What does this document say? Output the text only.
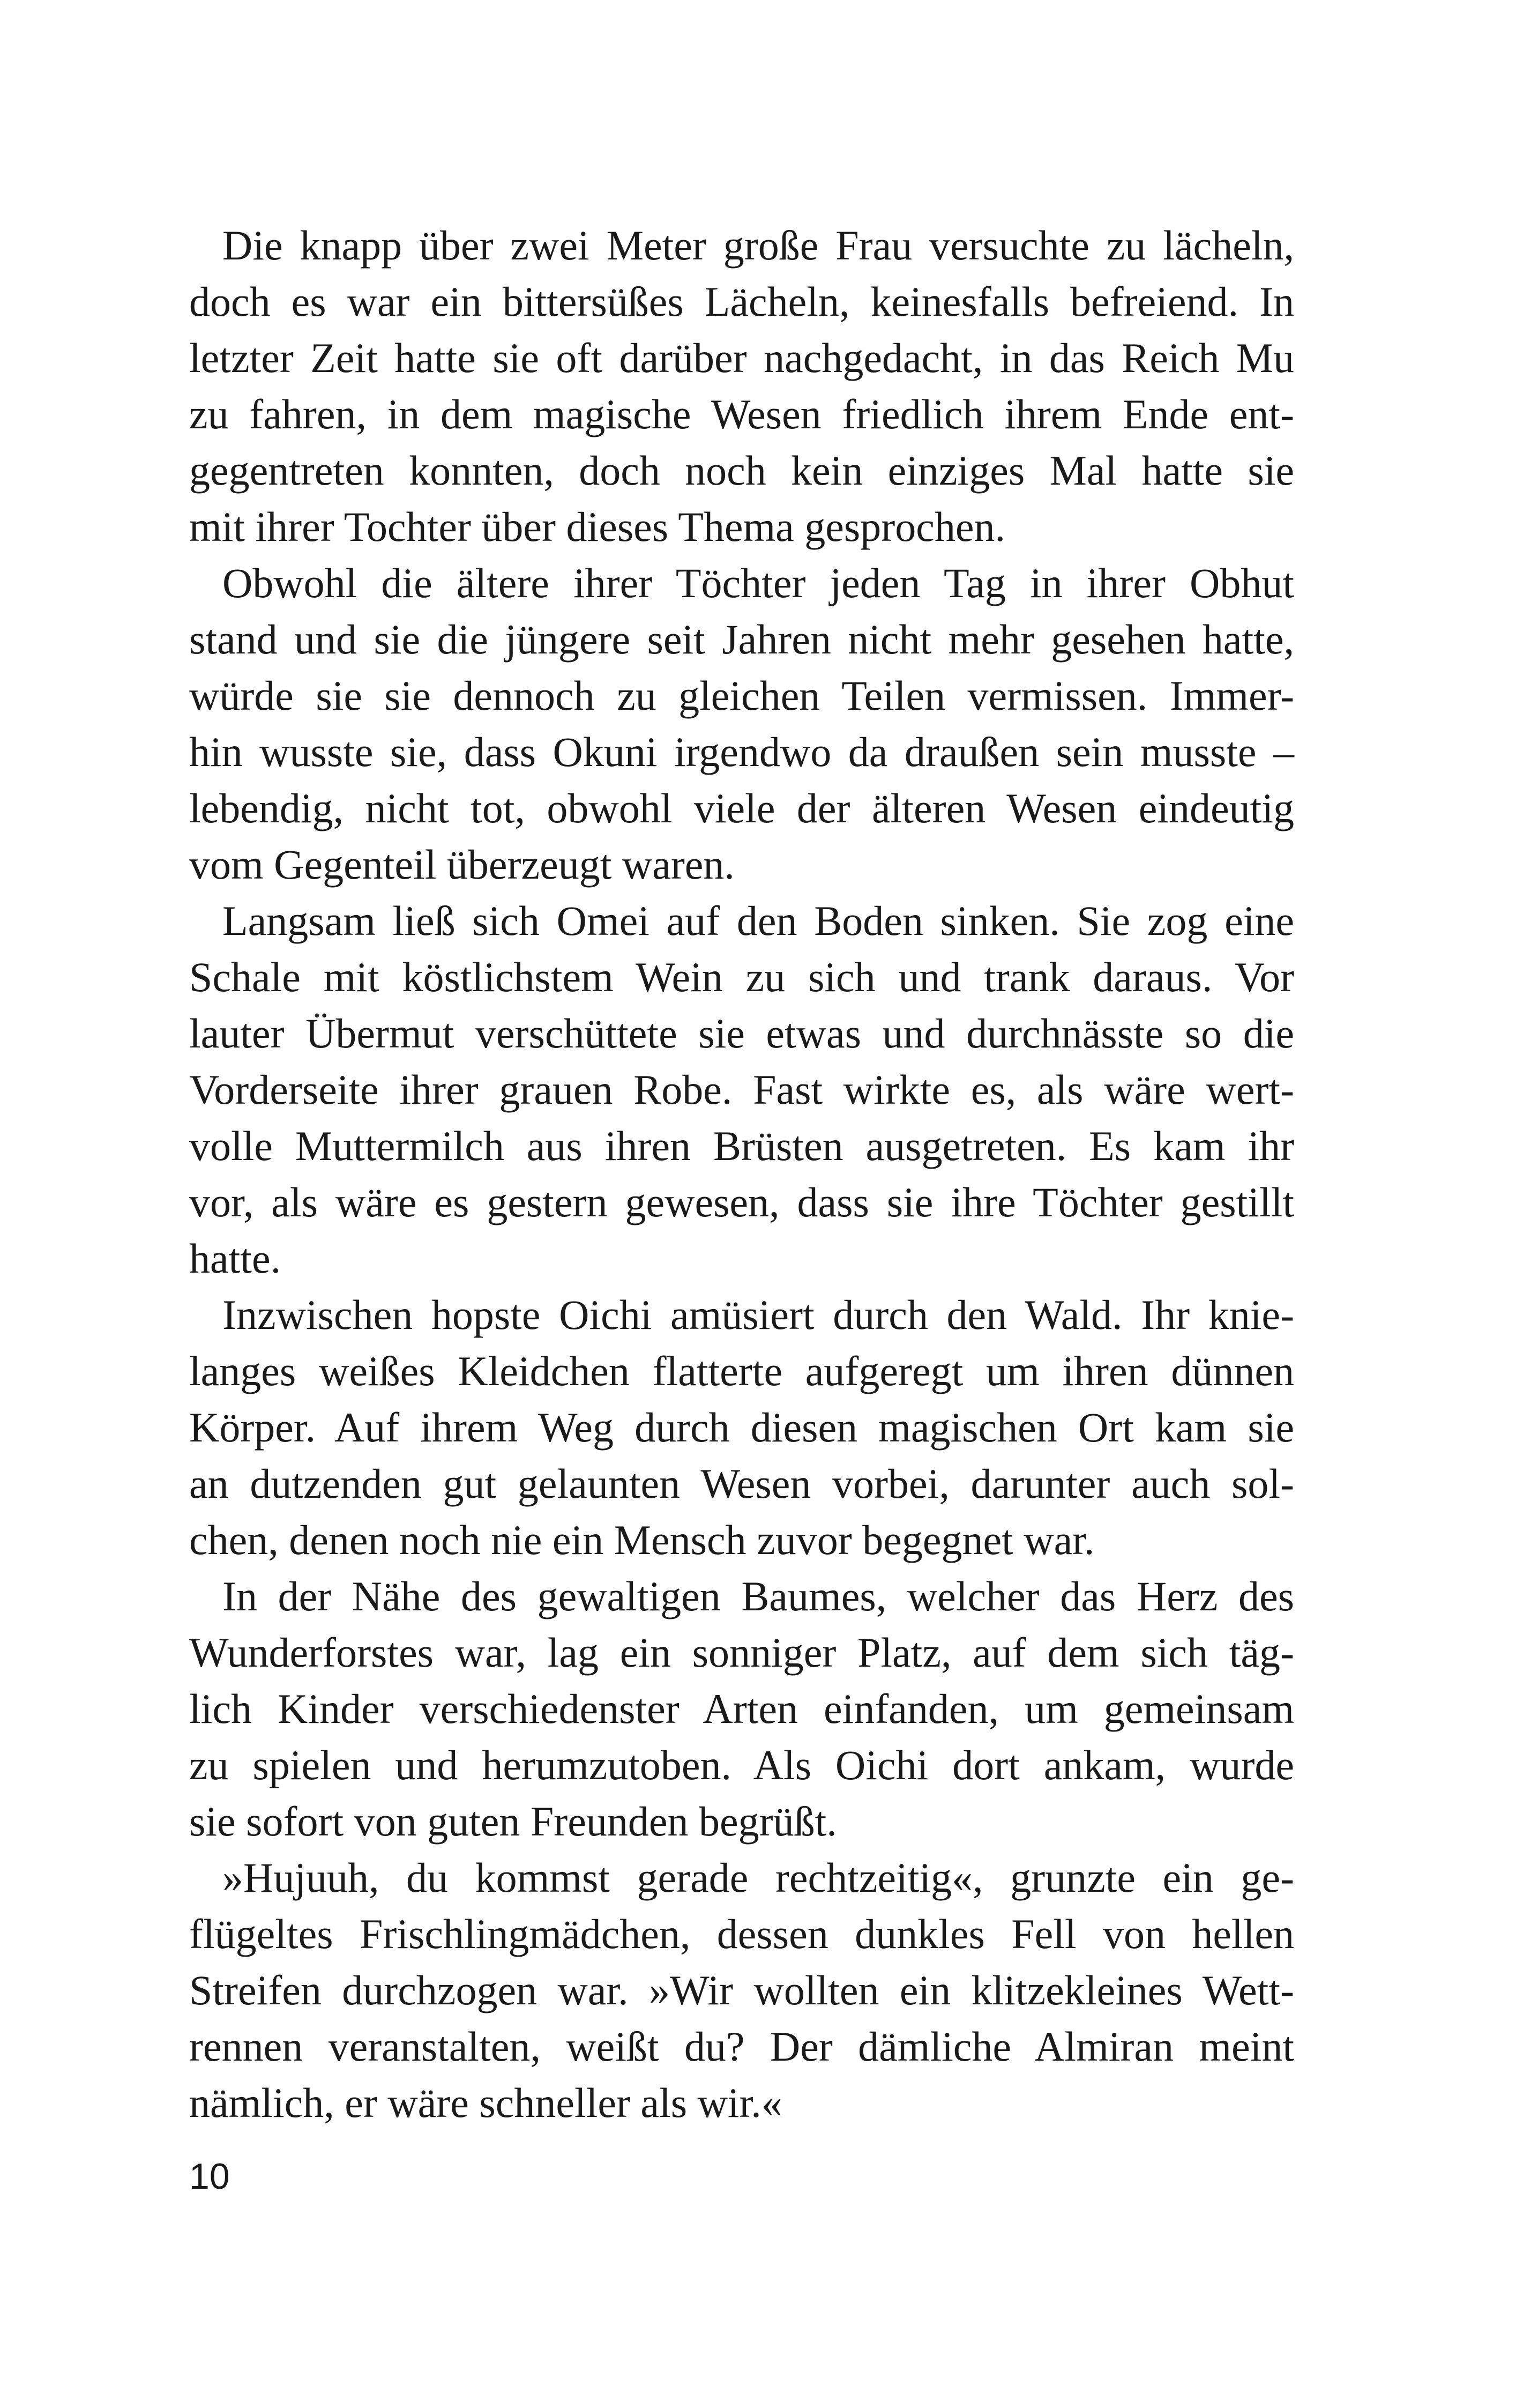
Die knapp über zwei Meter große Frau versuchte zu lächeln,
doch es war ein bittersüßes Lächeln, keinesfalls befreiend. In
letzter Zeit hatte sie oft darüber nachgedacht, in das Reich Mu
zu fahren, in dem magische Wesen friedlich ihrem Ende ent-
gegentreten konnten, doch noch kein einziges Mal hatte sie
mit ihrer Tochter über dieses Thema gesprochen.
Obwohl die ältere ihrer Töchter jeden Tag in ihrer Obhut
stand und sie die jüngere seit Jahren nicht mehr gesehen hatte,
würde sie sie dennoch zu gleichen Teilen vermissen. Immer-
hin wusste sie, dass Okuni irgendwo da draußen sein musste –
lebendig, nicht tot, obwohl viele der älteren Wesen eindeutig
vom Gegenteil überzeugt waren.
Langsam ließ sich Omei auf den Boden sinken. Sie zog eine
Schale mit köstlichstem Wein zu sich und trank daraus. Vor
lauter Übermut verschüttete sie etwas und durchnässte so die
Vorderseite ihrer grauen Robe. Fast wirkte es, als wäre wert-
volle Muttermilch aus ihren Brüsten ausgetreten. Es kam ihr
vor, als wäre es gestern gewesen, dass sie ihre Töchter gestillt
hatte.
Inzwischen hopste Oichi amüsiert durch den Wald. Ihr knie-
langes weißes Kleidchen flatterte aufgeregt um ihren dünnen
Körper. Auf ihrem Weg durch diesen magischen Ort kam sie
an dutzenden gut gelaunten Wesen vorbei, darunter auch sol-
chen, denen noch nie ein Mensch zuvor begegnet war.
In der Nähe des gewaltigen Baumes, welcher das Herz des
Wunderforstes war, lag ein sonniger Platz, auf dem sich täg-
lich Kinder verschiedenster Arten einfanden, um gemeinsam
zu spielen und herumzutoben. Als Oichi dort ankam, wurde
sie sofort von guten Freunden begrüßt.
»Hujuuh, du kommst gerade rechtzeitig«, grunzte ein ge-
flügeltes Frischlingmädchen, dessen dunkles Fell von hellen
Streifen durchzogen war. »Wir wollten ein klitzekleines Wett-
rennen veranstalten, weißt du? Der dämliche Almiran meint
nämlich, er wäre schneller als wir.«
10
